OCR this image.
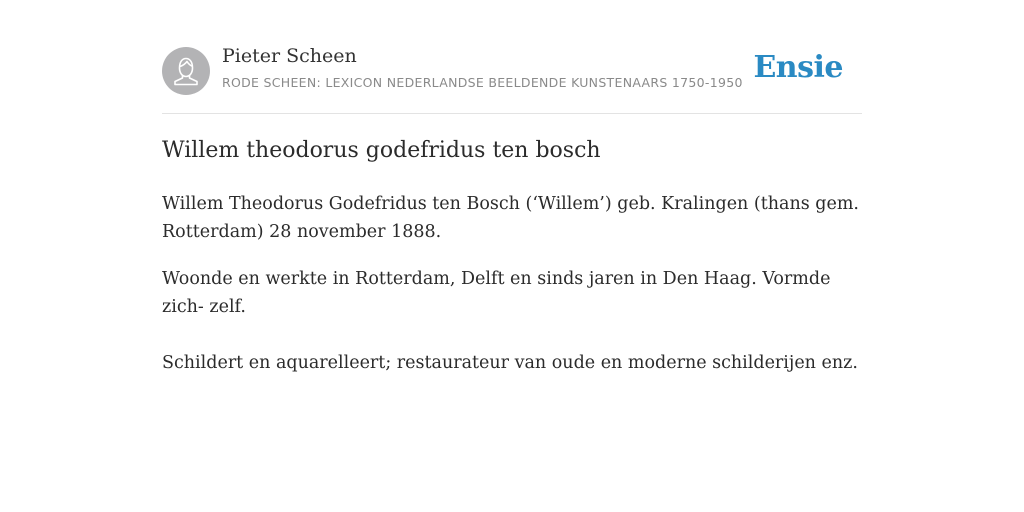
Pieter Scheen
RODE SCHEEN: LEXICON NEDERLANDSE BEELDENDE KUNSTENAARS 1750-1950 Ensie
Willem theodorus godefridus ten bosch

Willem Theodorus Godefridus ten Bosch (‘Willem’) geb. Kralingen (thans gem. Rotterdam) 28 november 1888.

Woonde en werkte in Rotterdam, Delft en sinds jaren in Den Haag. Vormde zich- zelf.

Schildert en aquarelleert; restaurateur van oude en moderne schilderijen enz.
